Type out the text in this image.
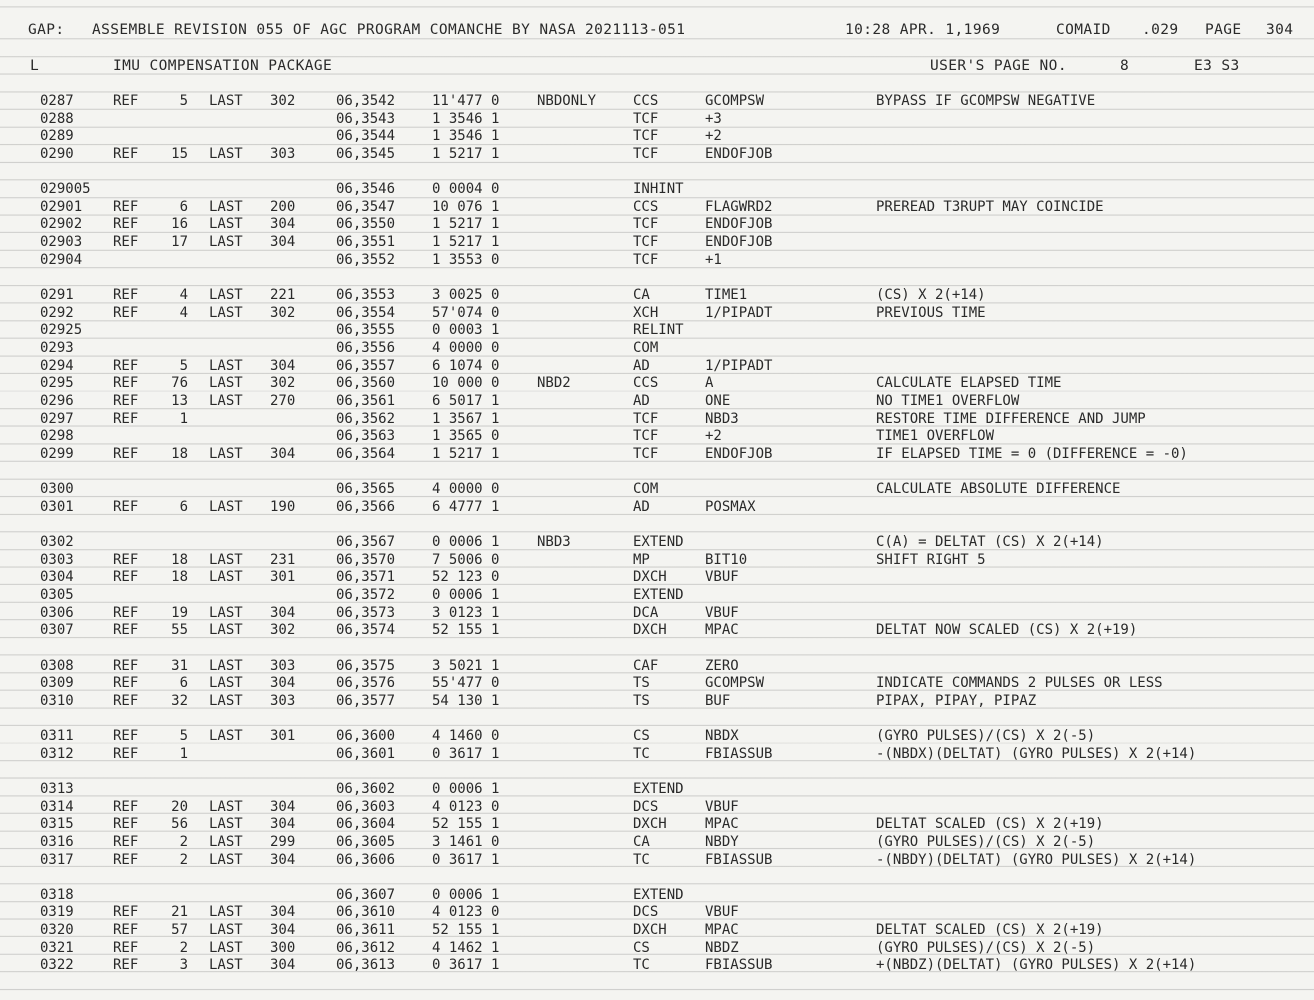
GAP: ASSEMBLE REVISION 055 OF AGC PROGRAM COMANCHE BY NASA 2021113-051	10:28 APR. 1,1969	COMAID .029 PAGE 304
L	IMU COMPENSATION PACKAGE	USER'S PAGE NO.	8	E3 S3
0287	REF	5 LAST 302	06,3542	11'477 0	NBDONLY	CCS	GCOMPSW	BYPASS IF GCOMPSW NEGATIVE
0288	06,3543	1 3546 1	TCF	+3
0289	06,3544	1 3546 1	TCF	+2
0290	REF	15 LAST 303	06,3545	1 5217 1	TCF	ENDOFJOB
029005	06,3546	0 0004 0	INHINT
02901 REF	6 LAST 200	06,3547	10 076 1	CCS	FLAGWRD2	PREREAD T3RUPT MAY COINCIDE
02902 REF	16 LAST 304	06,3550	1 5217 1	TCF	ENDOFJOB
02903 REF	17 LAST 304	06,3551	1 5217 1	TCF	ENDOFJOB
02904	06,3552	1 3553 0	TCF	+1
0291	REF	4 LAST 221	06,3553	3 0025 0	CA	TIME1	(CS) X 2(+14)
0292	REF	4 LAST 302	06,3554	57'074 0	XCH	1/PIPADT	PREVIOUS TIME
02925	06,3555	0 0003 1	RELINT
0293	06,3556	4 0000 0	COM
0294	REF	5 LAST 304	06,3557	6 1074 0	AD	1/PIPADT
0295	REF	76 LAST 302	06,3560	10 000 0	NBD2	CCS	A	CALCULATE ELAPSED TIME
0296	REF	13 LAST 270	06,3561	6 5017 1	AD	ONE	NO TIME1 OVERFLOW
0297	REF	1	06,3562	1 3567 1	TCF	NBD3	RESTORE TIME DIFFERENCE AND JUMP
0298	06,3563	1 3565 0	TCF	+2	TIME1 OVERFLOW
0299	REF	18 LAST 304	06,3564	1 5217 1	TCF	ENDOFJOB	IF ELAPSED TIME = 0 (DIFFERENCE = -0)
0300	06,3565	4 0000 0	COM	CALCULATE ABSOLUTE DIFFERENCE
0301	REF	6 LAST 190	06,3566	6 4777 1	AD	POSMAX
0302	06,3567	0 0006 1	NBD3	EXTEND	C(A) = DELTAT (CS) X 2(+14)
0303	REF	18 LAST 231	06,3570	7 5006 0	MP	BIT10	SHIFT RIGHT 5
0304	REF	18 LAST 301	06,3571	52 123 0	DXCH	VBUF
0305	06,3572	0 0006 1	EXTEND
0306	REF	19 LAST 304	06,3573	3 0123 1	DCA	VBUF
0307	REF	55 LAST 302	06,3574	52 155 1	DXCH	MPAC	DELTAT NOW SCALED (CS) X 2(+19)
0308	REF	31 LAST 303	06,3575	3 5021 1	CAF	ZERO
0309	REF	6 LAST 304	06,3576	55'477 0	TS	GCOMPSW	INDICATE COMMANDS 2 PULSES OR LESS
0310	REF	32 LAST 303	06,3577	54 130 1	TS	BUF	PIPAX, PIPAY, PIPAZ
0311	REF	5 LAST 301	06,3600	4 1460 0	CS	NBDX	(GYRO PULSES)/(CS) X 2(-5)
0312	REF	1	06,3601	0 3617 1	TC	FBIASSUB	-(NBDX)(DELTAT) (GYRO PULSES) X 2(+14)
0313	06,3602	0 0006 1	EXTEND
0314	REF	20 LAST 304	06,3603	4 0123 0	DCS	VBUF
0315	REF	56 LAST 304	06,3604	52 155 1	DXCH	MPAC	DELTAT SCALED (CS) X 2(+19)
0316	REF	2 LAST 299	06,3605	3 1461 0	CA	NBDY	(GYRO PULSES)/(CS) X 2(-5)
0317	REF	2 LAST 304	06,3606	0 3617 1	TC	FBIASSUB	-(NBDY)(DELTAT) (GYRO PULSES) X 2(+14)
0318	06,3607	0 0006 1	EXTEND
0319	REF	21 LAST 304	06,3610	4 0123 0	DCS	VBUF
0320	REF	57 LAST 304	06,3611	52 155 1	DXCH	MPAC	DELTAT SCALED (CS) X 2(+19)
0321	REF	2 LAST 300	06,3612	4 1462 1	CS	NBDZ	(GYRO PULSES)/(CS) X 2(-5)
0322	REF	3 LAST 304	06,3613	0 3617 1	TC	FBIASSUB	+(NBDZ)(DELTAT) (GYRO PULSES) X 2(+14)
